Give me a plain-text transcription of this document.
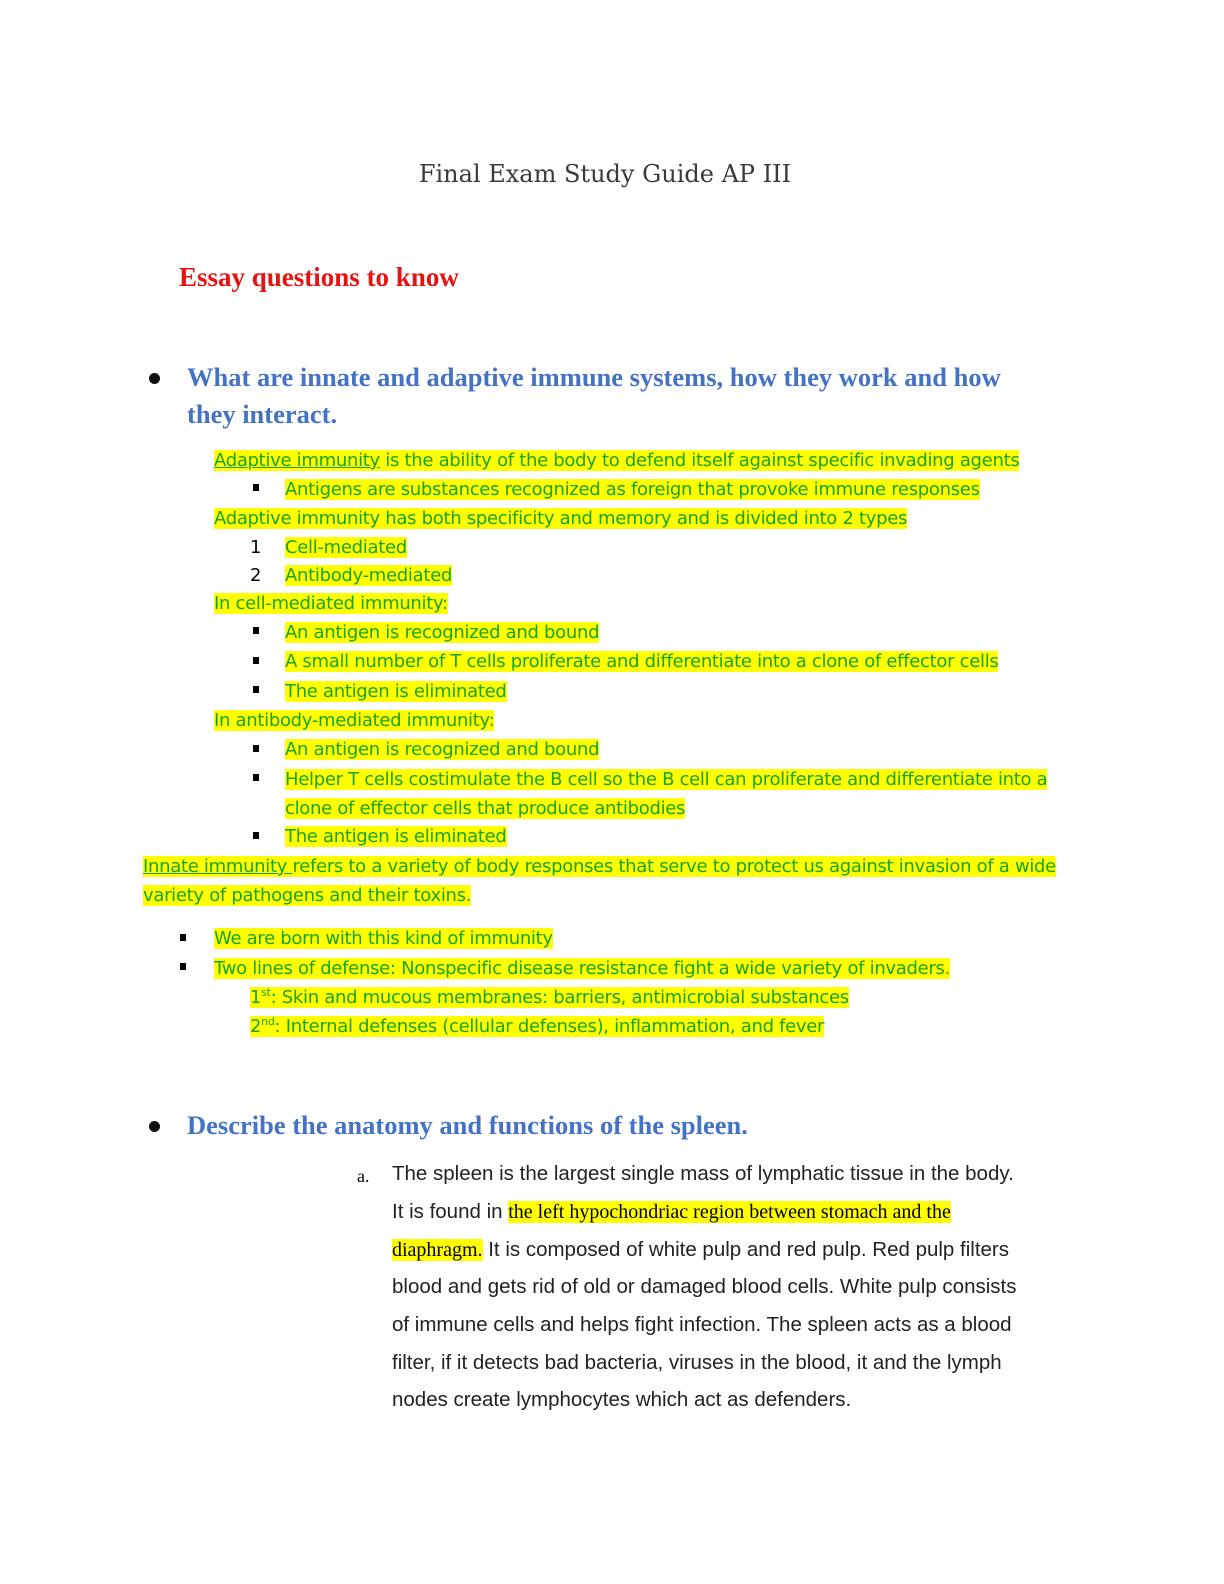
Final Exam Study Guide AP III
Essay questions to know
What are innate and adaptive immune systems, how they work and how
they interact.
Adaptive immunity is the ability of the body to defend itself against specific invading agents
Antigens are substances recognized as foreign that provoke immune responses
Adaptive immunity has both specificity and memory and is divided into 2 types
1 Cell-mediated
2 Antibody-mediated
In cell-mediated immunity:
An antigen is recognized and bound
A small number of T cells proliferate and differentiate into a clone of effector cells
The antigen is eliminated
In antibody-mediated immunity:
An antigen is recognized and bound
Helper T cells costimulate the B cell so the B cell can proliferate and differentiate into a
clone of effector cells that produce antibodies
The antigen is eliminated
Innate immunity refers to a variety of body responses that serve to protect us against invasion of a wide
variety of pathogens and their toxins.
We are born with this kind of immunity
Two lines of defense: Nonspecific disease resistance fight a wide variety of invaders.
1st: Skin and mucous membranes: barriers, antimicrobial substances
2nd: Internal defenses (cellular defenses), inflammation, and fever
Describe the anatomy and functions of the spleen.
a. The spleen is the largest single mass of lymphatic tissue in the body.
It is found in the left hypochondriac region between stomach and the
diaphragm. It is composed of white pulp and red pulp. Red pulp filters
blood and gets rid of old or damaged blood cells. White pulp consists
of immune cells and helps fight infection. The spleen acts as a blood
filter, if it detects bad bacteria, viruses in the blood, it and the lymph
nodes create lymphocytes which act as defenders.
